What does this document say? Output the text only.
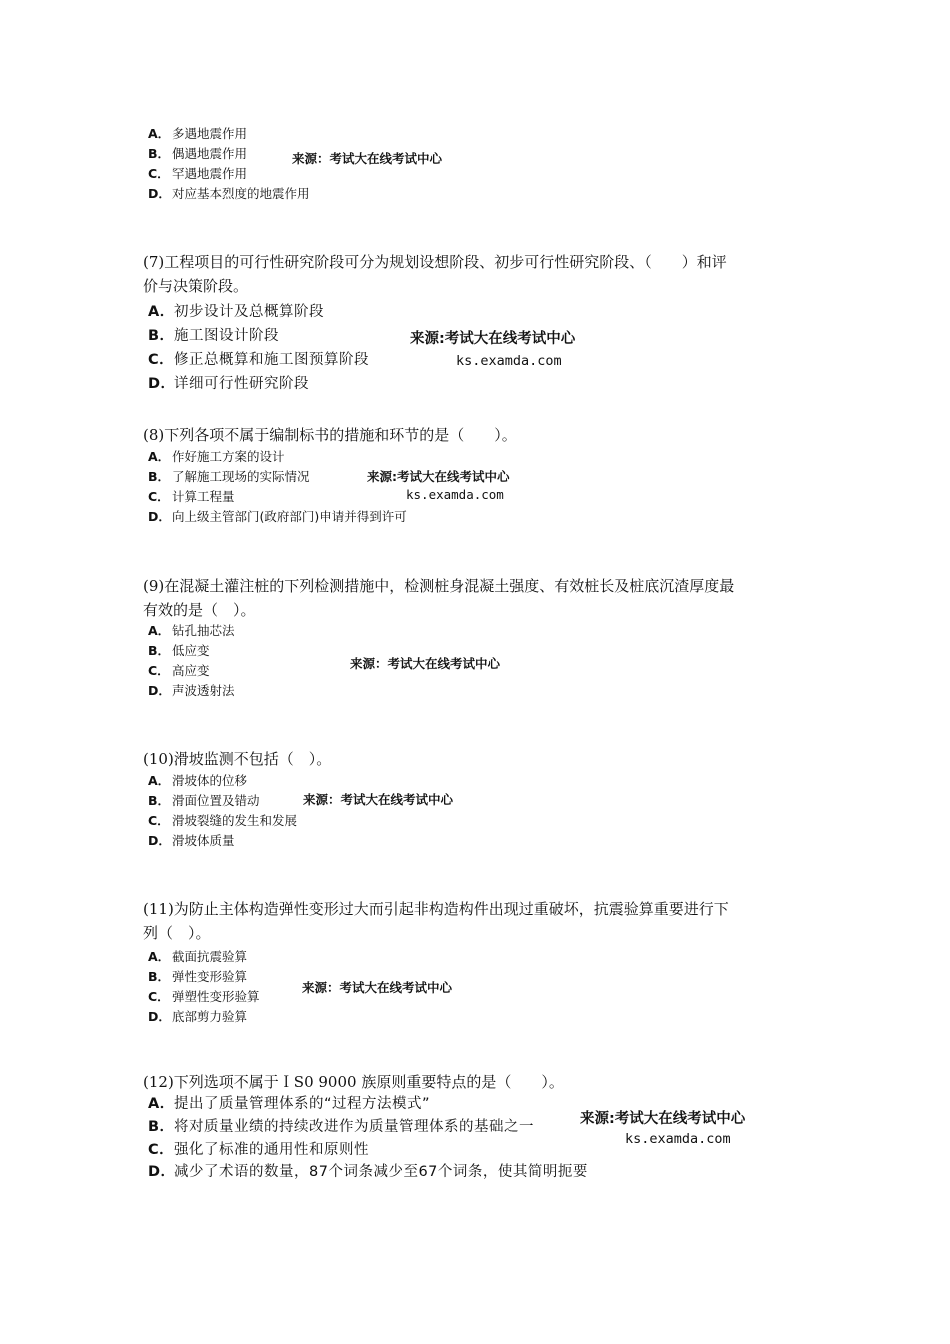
A． 多遇地震作用
B． 偶遇地震作用
C． 罕遇地震作用
D．对应基本烈度的地震作用
来源：考试大在线考试中心
(7)工程项目的可行性研究阶段可分为规划设想阶段、初步可行性研究阶段、（　　）和评
价与决策阶段。
A．初步设计及总概算阶段
B．施工图设计阶段
C．修正总概算和施工图预算阶段
D．详细可行性研究阶段
来源:考试大在线考试中心
ks.examda.com
(8)下列各项不属于编制标书的措施和环节的是（　　）。
A． 作好施工方案的设计
B． 了解施工现场的实际情况
C． 计算工程量
D．向上级主管部门(政府部门)申请并得到许可
来源:考试大在线考试中心
ks.examda.com
(9)在混凝土灌注桩的下列检测措施中，检测桩身混凝土强度、有效桩长及桩底沉渣厚度最
有效的是（　）。
A． 钻孔抽芯法
B． 低应变
C． 高应变
D．声波透射法
来源：考试大在线考试中心
(10)滑坡监测不包括（　）。
A． 滑坡体的位移
B． 滑面位置及错动
C． 滑坡裂缝的发生和发展
D．滑坡体质量
来源：考试大在线考试中心
(11)为防止主体构造弹性变形过大而引起非构造构件出现过重破坏，抗震验算重要进行下
列（　）。
A． 截面抗震验算
B． 弹性变形验算
C． 弹塑性变形验算
D．底部剪力验算
来源：考试大在线考试中心
(12)下列选项不属于ＩS0 9000 族原则重要特点的是（　　）。
A．提出了质量管理体系的“过程方法模式”
B．将对质量业绩的持续改进作为质量管理体系的基础之一
C．强化了标准的通用性和原则性
D．减少了术语的数量，87个词条减少至67个词条，使其简明扼要
来源:考试大在线考试中心
ks.examda.com
